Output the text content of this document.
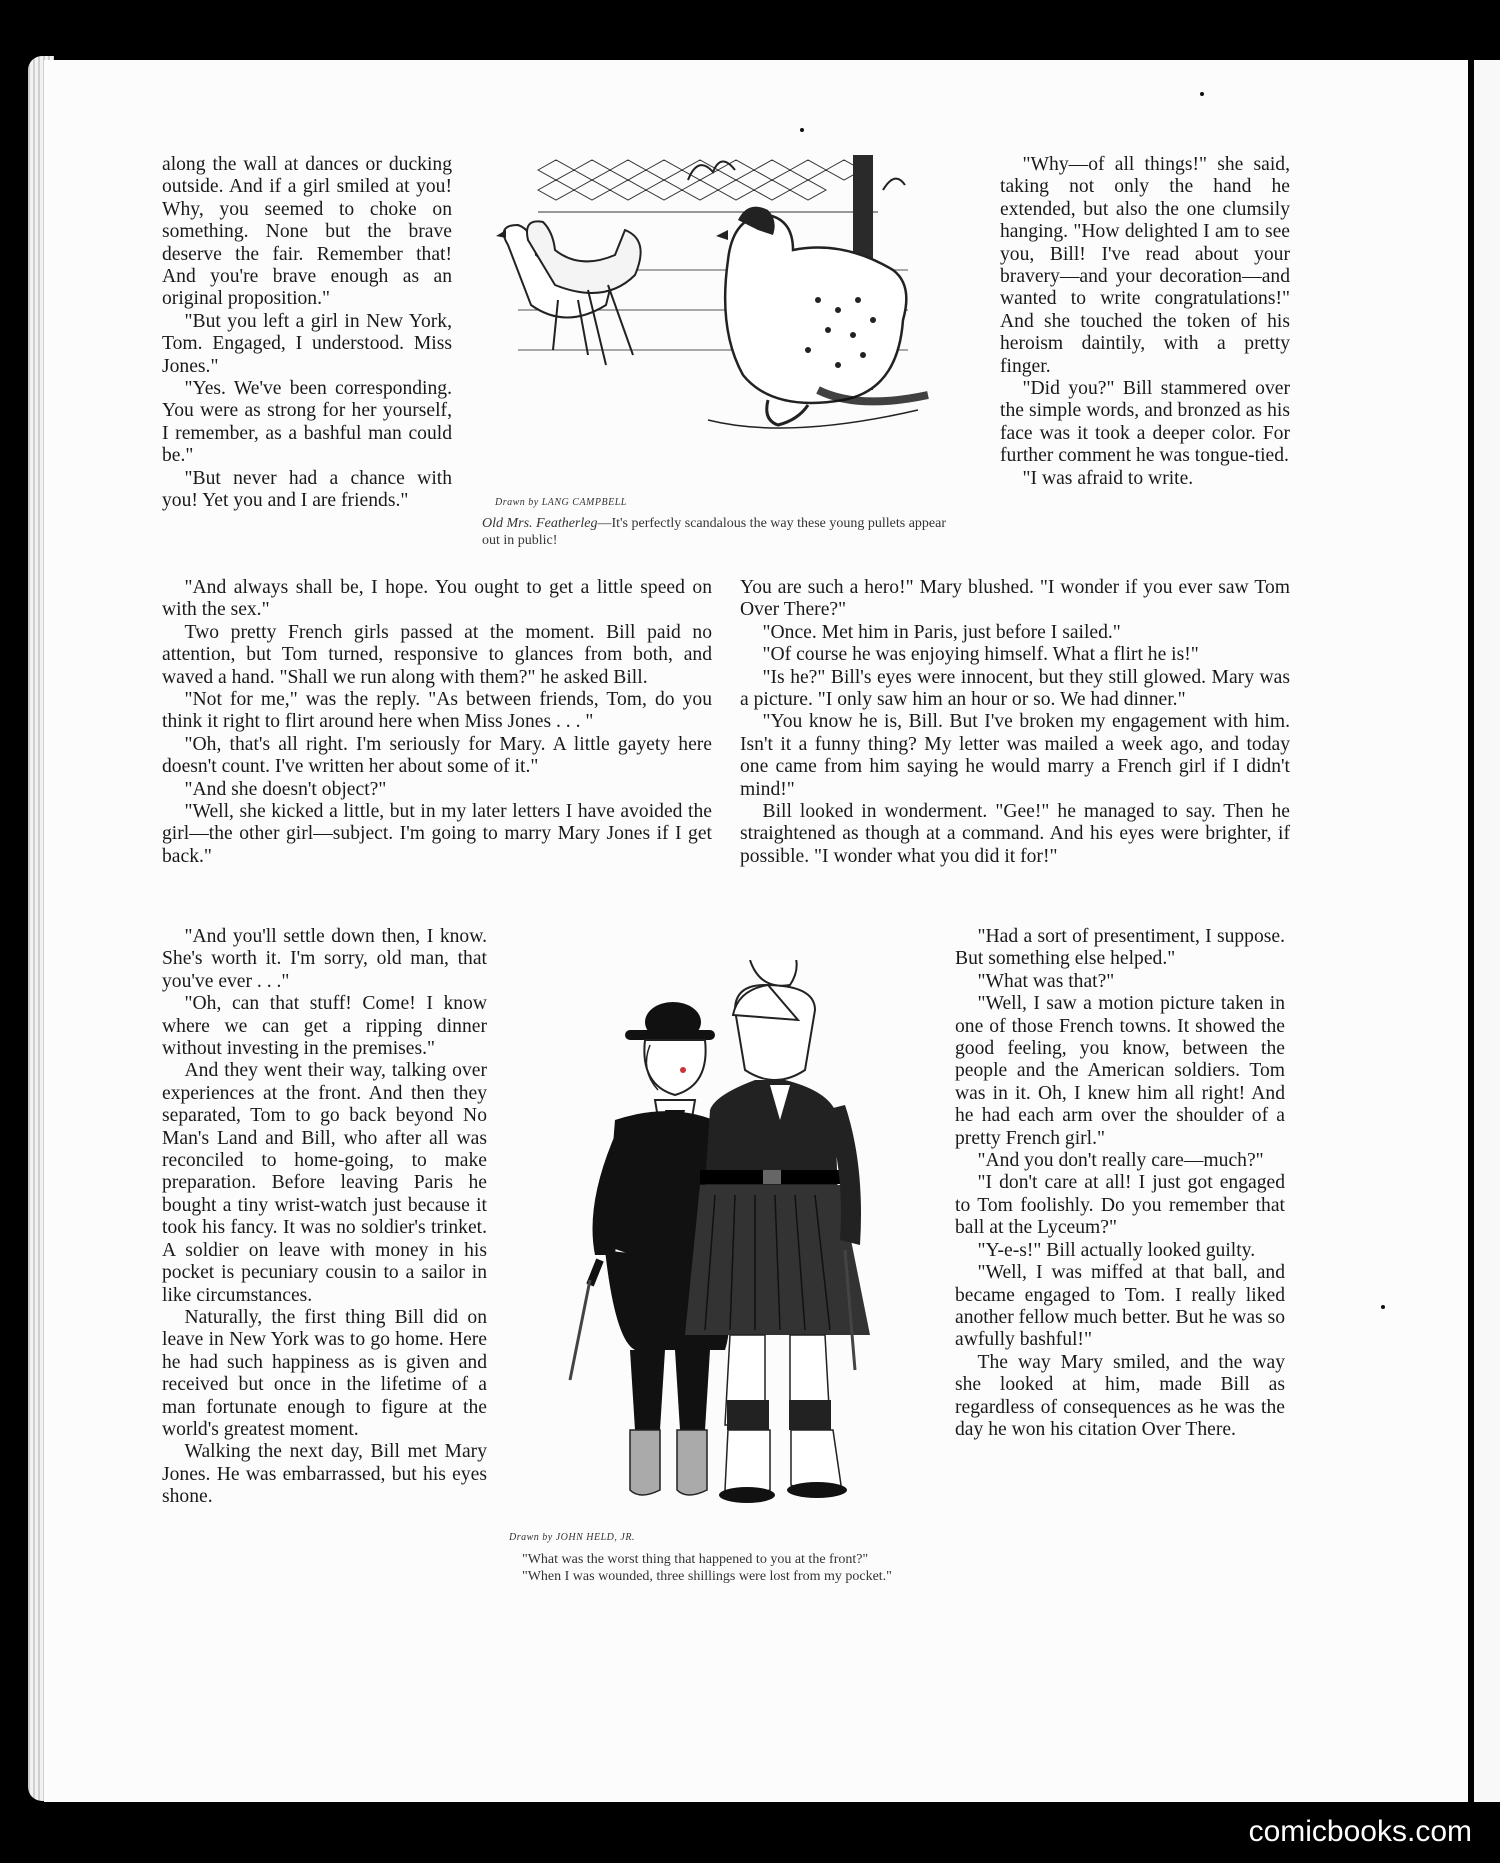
along the wall at dances or ducking outside. And if a girl smiled at you! Why, you seemed to choke on something. None but the brave deserve the fair. Remember that! And you're brave enough as an original proposition."

"But you left a girl in New York, Tom. Engaged, I understood. Miss Jones."

"Yes. We've been corresponding. You were as strong for her yourself, I remember, as a bashful man could be."

"But never had a chance with you! Yet you and I are friends."

"And always shall be, I hope. You ought to get a little speed on with the sex."

Two pretty French girls passed at the moment. Bill paid no attention, but Tom turned, responsive to glances from both, and waved a hand. "Shall we run along with them?" he asked Bill.

"Not for me," was the reply. "As between friends, Tom, do you think it right to flirt around here when Miss Jones . . . "

"Oh, that's all right. I'm seriously for Mary. A little gayety here doesn't count. I've written her about some of it."

"And she doesn't object?"

"Well, she kicked a little, but in my later letters I have avoided the girl—the other girl—subject. I'm going to marry Mary Jones if I get back."

"And you'll settle down then, I know. She's worth it. I'm sorry, old man, that you've ever . . ."

"Oh, can that stuff! Come! I know where we can get a ripping dinner without investing in the premises."

And they went their way, talking over experiences at the front. And then they separated, Tom to go back beyond No Man's Land and Bill, who after all was reconciled to home-going, to make preparation. Before leaving Paris he bought a tiny wrist-watch just because it took his fancy. It was no soldier's trinket. A soldier on leave with money in his pocket is pecuniary cousin to a sailor in like circumstances.

Naturally, the first thing Bill did on leave in New York was to go home. Here he had such happiness as is given and received but once in the lifetime of a man fortunate enough to figure at the world's greatest moment.

Walking the next day, Bill met Mary Jones. He was embarrassed, but his eyes shone.

"Why—of all things!" she said, taking not only the hand he extended, but also the one clumsily hanging. "How delighted I am to see you, Bill! I've read about your bravery—and your decoration—and wanted to write congratulations!" And she touched the token of his heroism daintily, with a pretty finger.

"Did you?" Bill stammered over the simple words, and bronzed as his face was it took a deeper color. For further comment he was tongue-tied.

"I was afraid to write.

You are such a hero!" Mary blushed. "I wonder if you ever saw Tom Over There?"

"Once. Met him in Paris, just before I sailed."

"Of course he was enjoying himself. What a flirt he is!"

"Is he?" Bill's eyes were innocent, but they still glowed. Mary was a picture. "I only saw him an hour or so. We had dinner."

"You know he is, Bill. But I've broken my engagement with him. Isn't it a funny thing? My letter was mailed a week ago, and today one came from him saying he would marry a French girl if I didn't mind!"

Bill looked in wonderment. "Gee!" he managed to say. Then he straightened as though at a command. And his eyes were brighter, if possible. "I wonder what you did it for!"

"Had a sort of presentiment, I suppose. But something else helped."

"What was that?"

"Well, I saw a motion picture taken in one of those French towns. It showed the good feeling, you know, between the people and the American soldiers. Tom was in it. Oh, I knew him all right! And he had each arm over the shoulder of a pretty French girl."

"And you don't really care—much?"

"I don't care at all! I just got engaged to Tom foolishly. Do you remember that ball at the Lyceum?"

"Y-e-s!" Bill actually looked guilty.

"Well, I was miffed at that ball, and became engaged to Tom. I really liked another fellow much better. But he was so awfully bashful!"

The way Mary smiled, and the way she looked at him, made Bill as regardless of consequences as he was the day he won his citation Over There.

Drawn by LANG CAMPBELL
Old Mrs. Featherleg—It's perfectly scandalous the way these young pullets appear out in public!
Drawn by JOHN HELD, JR.

"What was the worst thing that happened to you at the front?"

"When I was wounded, three shillings were lost from my pocket."

comicbooks.com
